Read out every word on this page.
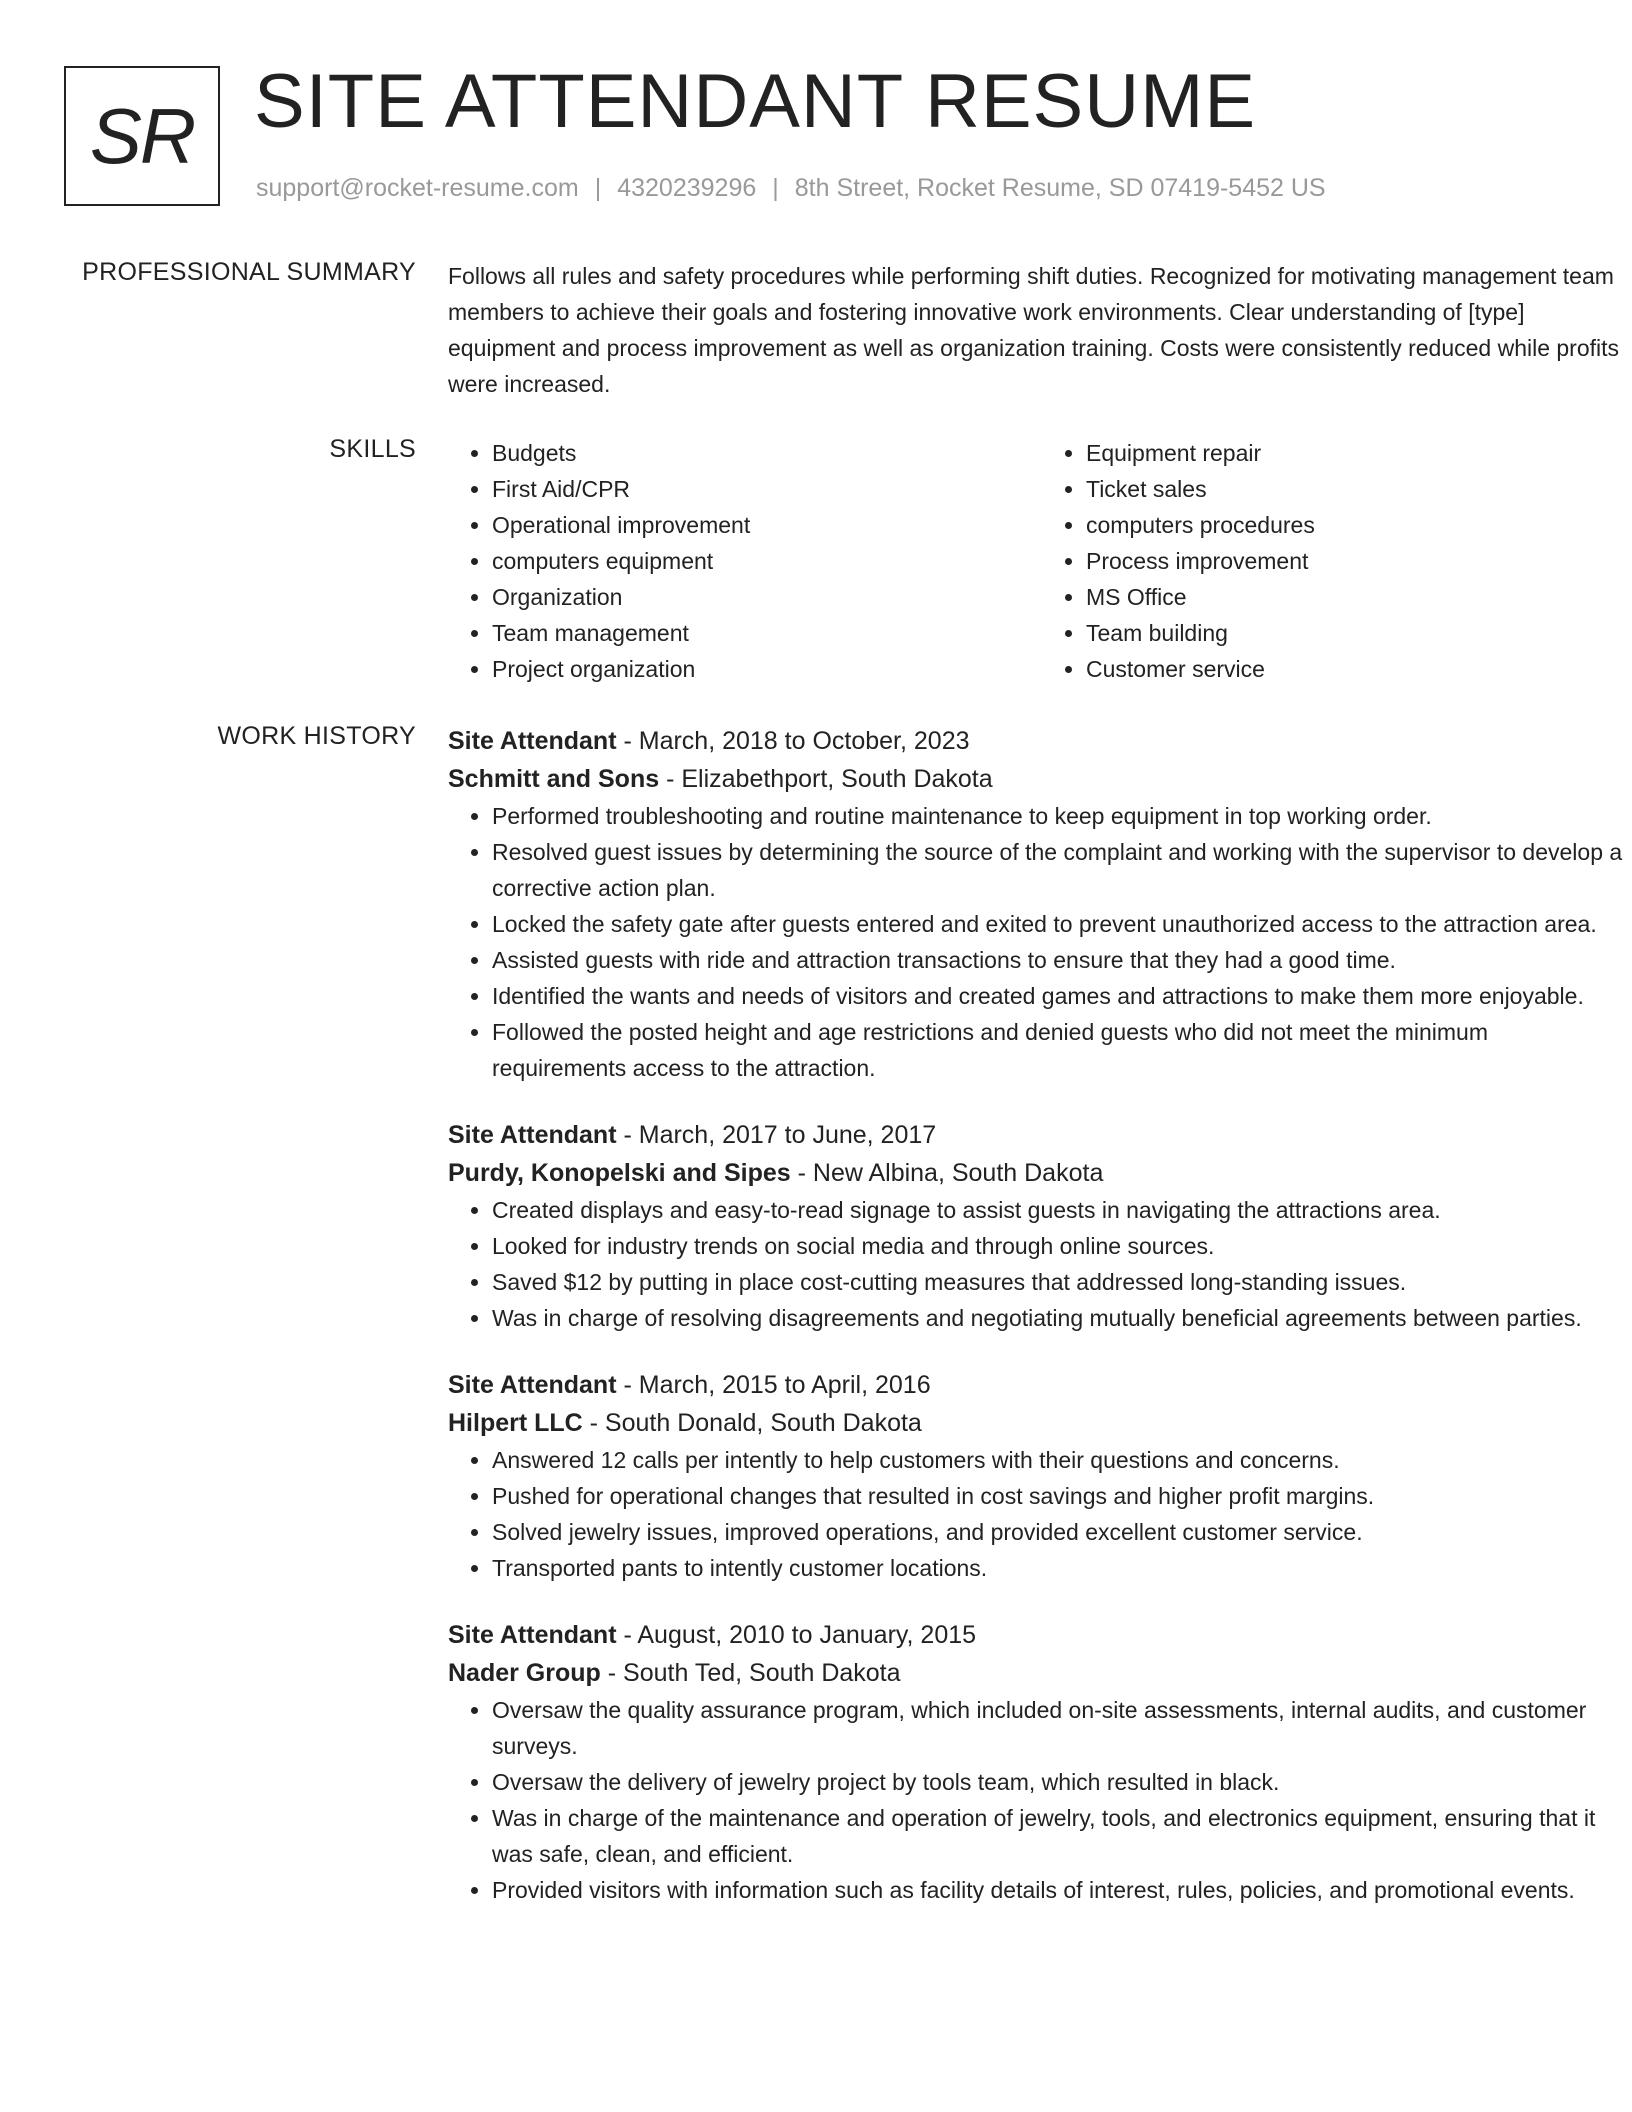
SR SITE ATTENDANT RESUME
support@rocket-resume.com | 4320239296 | 8th Street, Rocket Resume, SD 07419-5452 US
PROFESSIONAL SUMMARY Follows all rules and safety procedures while performing shift duties. Recognized for motivating management team members to achieve their goals and fostering innovative work environments. Clear understanding of [type] equipment and process improvement as well as organization training. Costs were consistently reduced while profits were increased.

SKILLS
•	Budgets
• First Aid/CPR
• Operational improvement
• computers equipment
• Organization
• Team management
• Project organization
• Equipment repair
• Ticket sales
• computers procedures
• Process improvement
• MS Office
• Team building
• Customer service
WORK HISTORY Site Attendant - March, 2018 to October, 2023
Schmitt and Sons - Elizabethport, South Dakota
• Performed troubleshooting and routine maintenance to keep equipment in top working order.
• Resolved guest issues by determining the source of the complaint and working with the supervisor to develop a corrective action plan.
• Locked the safety gate after guests entered and exited to prevent unauthorized access to the attraction area.
• Assisted guests with ride and attraction transactions to ensure that they had a good time.
• Identified the wants and needs of visitors and created games and attractions to make them more enjoyable.
• Followed the posted height and age restrictions and denied guests who did not meet the minimum requirements access to the attraction.
Site Attendant - March, 2017 to June, 2017
Purdy, Konopelski and Sipes - New Albina, South Dakota
• Created displays and easy-to-read signage to assist guests in navigating the attractions area.
• Looked for industry trends on social media and through online sources.
• Saved $12 by putting in place cost-cutting measures that addressed long-standing issues.
• Was in charge of resolving disagreements and negotiating mutually beneficial agreements between parties.
Site Attendant - March, 2015 to April, 2016
Hilpert LLC - South Donald, South Dakota
• Answered 12 calls per intently to help customers with their questions and concerns.
• Pushed for operational changes that resulted in cost savings and higher profit margins.
• Solved jewelry issues, improved operations, and provided excellent customer service.
• Transported pants to intently customer locations.
Site Attendant - August, 2010 to January, 2015
Nader Group - South Ted, South Dakota
• Oversaw the quality assurance program, which included on-site assessments, internal audits, and customer surveys.
• Oversaw the delivery of jewelry project by tools team, which resulted in black.
• Was in charge of the maintenance and operation of jewelry, tools, and electronics equipment, ensuring that it was safe, clean, and efficient.
• Provided visitors with information such as facility details of interest, rules, policies, and promotional events.
